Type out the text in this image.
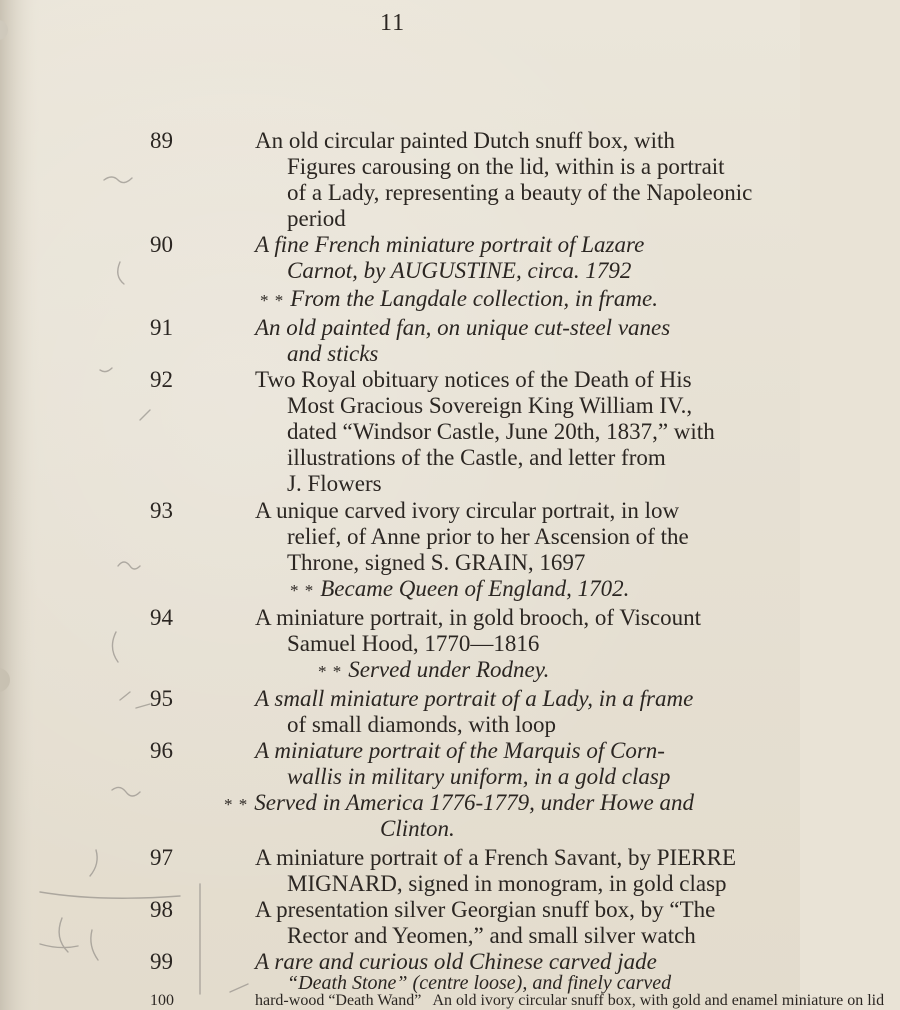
11
89	An old circular painted Dutch snuff box, with
Figures carousing on the lid, within is a portrait
of a Lady, representing a beauty of the Napoleonic
period
90	A fine French miniature portrait of Lazare
Carnot, by AUGUSTINE, circa. 1792
* * From the Langdale collection, in frame.
91	An old painted fan, on unique cut-steel vanes
and sticks
92	Two Royal obituary notices of the Death of His
Most Gracious Sovereign King William IV.,
dated “Windsor Castle, June 20th, 1837,” with
illustrations of the Castle, and letter from
J. Flowers
93	A unique carved ivory circular portrait, in low
relief, of Anne prior to her Ascension of the
Throne, signed S. GRAIN, 1697
* * Became Queen of England, 1702.
94	A miniature portrait, in gold brooch, of Viscount
Samuel Hood, 1770—1816
* * Served under Rodney.
95	A small miniature portrait of a Lady, in a frame
of small diamonds, with loop
96	A miniature portrait of the Marquis of Corn-
wallis in military uniform, in a gold clasp
* * Served in America 1776-1779, under Howe and
Clinton.
97	A miniature portrait of a French Savant, by PIERRE
MIGNARD, signed in monogram, in gold clasp
98	A presentation silver Georgian snuff box, by “The
Rector and Yeomen,” and small silver watch
99	A rare and curious old Chinese carved jade
“Death Stone” (centre loose), and finely carved
100	hard-wood “Death Wand” An old ivory circular snuff box, with gold and enamel miniature on lid
